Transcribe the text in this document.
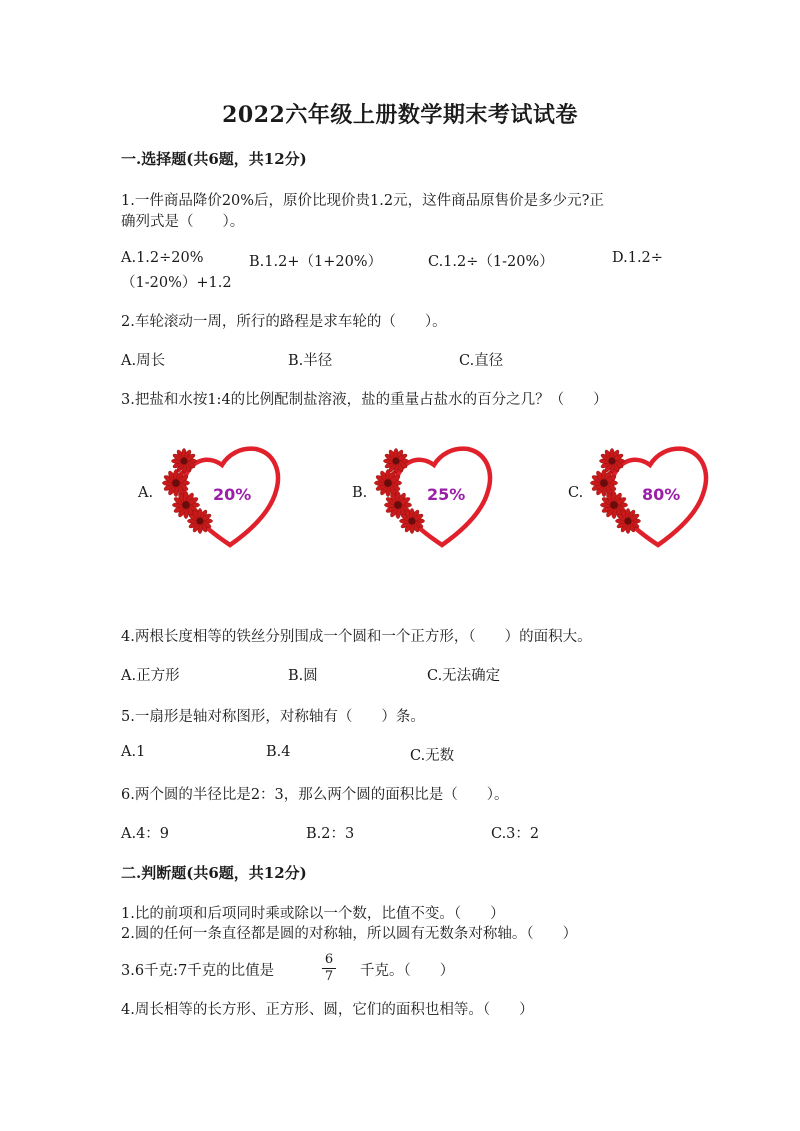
2022六年级上册数学期末考试试卷
一.选择题(共6题，共12分)
1.一件商品降价20%后，原价比现价贵1.2元，这件商品原售价是多少元?正
确列式是（　　）。
A.1.2÷20%	B.1.2+（1+20%）	C.1.2÷（1-20%）	D.1.2÷
（1-20%）+1.2
2.车轮滚动一周，所行的路程是求车轮的（　　）。
A.周长	B.半径	C.直径
3.把盐和水按1:4的比例配制盐溶液，盐的重量占盐水的百分之几？（　　）
A.	20%	B.	25%	C.	80%
4.两根长度相等的铁丝分别围成一个圆和一个正方形，（　　）的面积大。
A.正方形	B.圆	C.无法确定
5.一扇形是轴对称图形，对称轴有（　　）条。
A.1	B.4	C.无数
6.两个圆的半径比是2：3，那么两个圆的面积比是（　　）。
A.4：9	B.2：3	C.3：2
二.判断题(共6题，共12分)
1.比的前项和后项同时乘或除以一个数，比值不变。（　　）
2.圆的任何一条直径都是圆的对称轴，所以圆有无数条对称轴。（　　）
3.6千克:7千克的比值是
6
7 千克。（　　）
4.周长相等的长方形、正方形、圆，它们的面积也相等。（　　）
